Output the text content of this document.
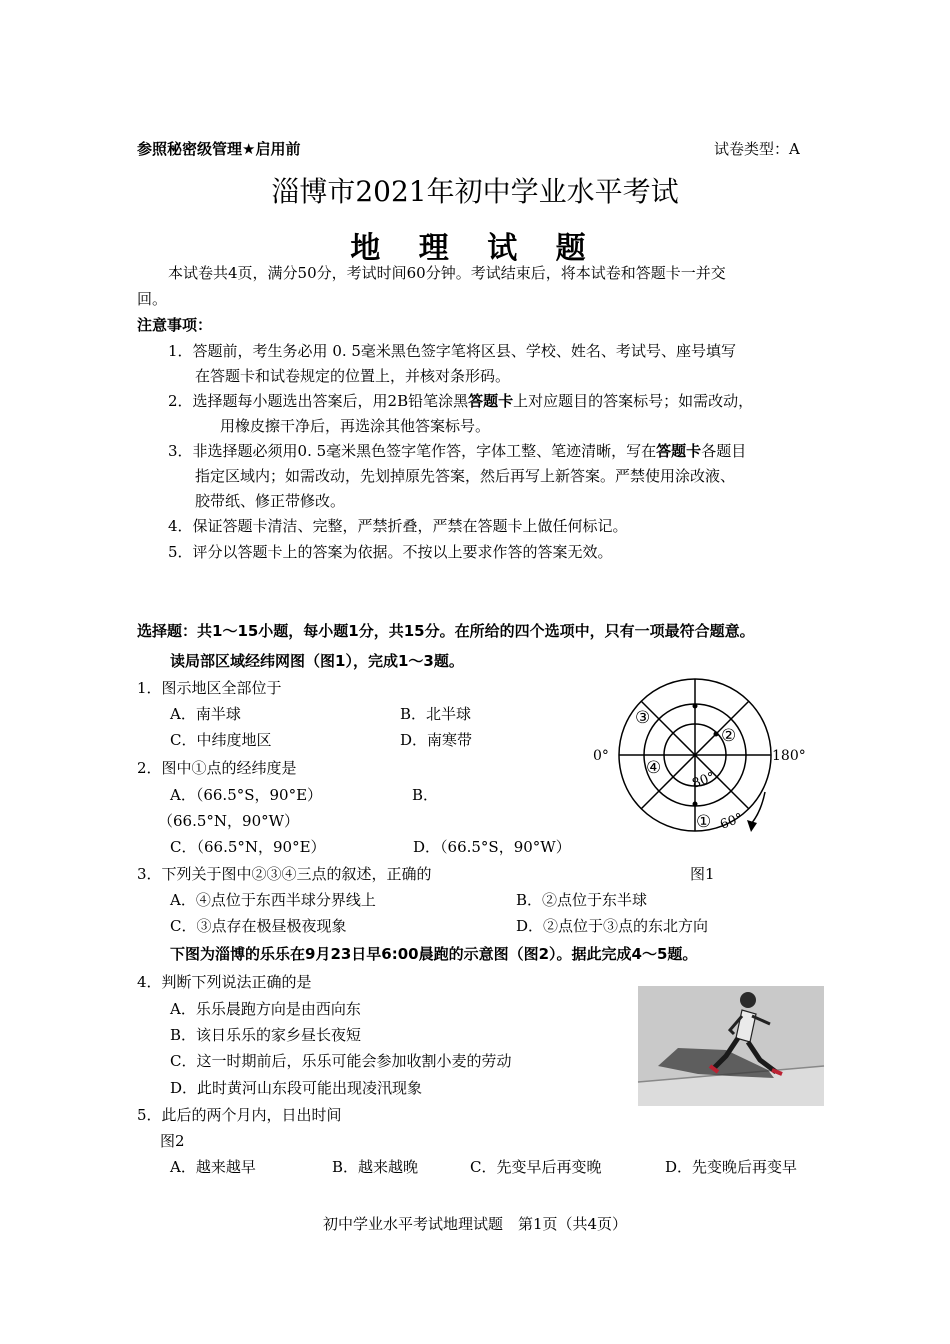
参照秘密级管理★启用前	试卷类型：A
淄博市2021年初中学业水平考试
地 理 试 题
本试卷共4页，满分50分，考试时间60分钟。考试结束后，将本试卷和答题卡一并交
回。
注意事项：
1．答题前，考生务必用 0. 5毫米黑色签字笔将区县、学校、姓名、考试号、座号填写
在答题卡和试卷规定的位置上，并核对条形码。
2．选择题每小题选出答案后，用2B铅笔涂黑答题卡上对应题目的答案标号；如需改动，
用橡皮擦干净后，再选涂其他答案标号。
3．非选择题必须用0. 5毫米黑色签字笔作答，字体工整、笔迹清晰，写在答题卡各题目
指定区域内；如需改动，先划掉原先答案，然后再写上新答案。严禁使用涂改液、
胶带纸、修正带修改。
4．保证答题卡清洁、完整，严禁折叠，严禁在答题卡上做任何标记。
5．评分以答题卡上的答案为依据。不按以上要求作答的答案无效。
选择题：共1～15小题，每小题1分，共15分。在所给的四个选项中，只有一项最符合题意。
读局部区域经纬网图（图1），完成1～3题。
1．图示地区全部位于
A．南半球	B．北半球
C．中纬度地区	D．南寒带
2．图中①点的经纬度是
A．（66.5°S，90°E）	B．
（66.5°N，90°W）
C．（66.5°N，90°E）	D．（66.5°S，90°W）
3．下列关于图中②③④三点的叙述，正确的	图1
A．④点位于东西半球分界线上	B．②点位于东半球
C．③点存在极昼极夜现象	D．②点位于③点的东北方向
下图为淄博的乐乐在9月23日早6:00晨跑的示意图（图2）。据此完成4～5题。
4．判断下列说法正确的是
A．乐乐晨跑方向是由西向东
B．该日乐乐的家乡昼长夜短
C．这一时期前后，乐乐可能会参加收割小麦的劳动
D．此时黄河山东段可能出现凌汛现象
5．此后的两个月内，日出时间
图2
A．越来越早	B．越来越晚	C．先变早后再变晚	D．先变晚后再变早
0°	180°
80°
60°
①
②
③
④
初中学业水平考试地理试题　第1页（共4页）
